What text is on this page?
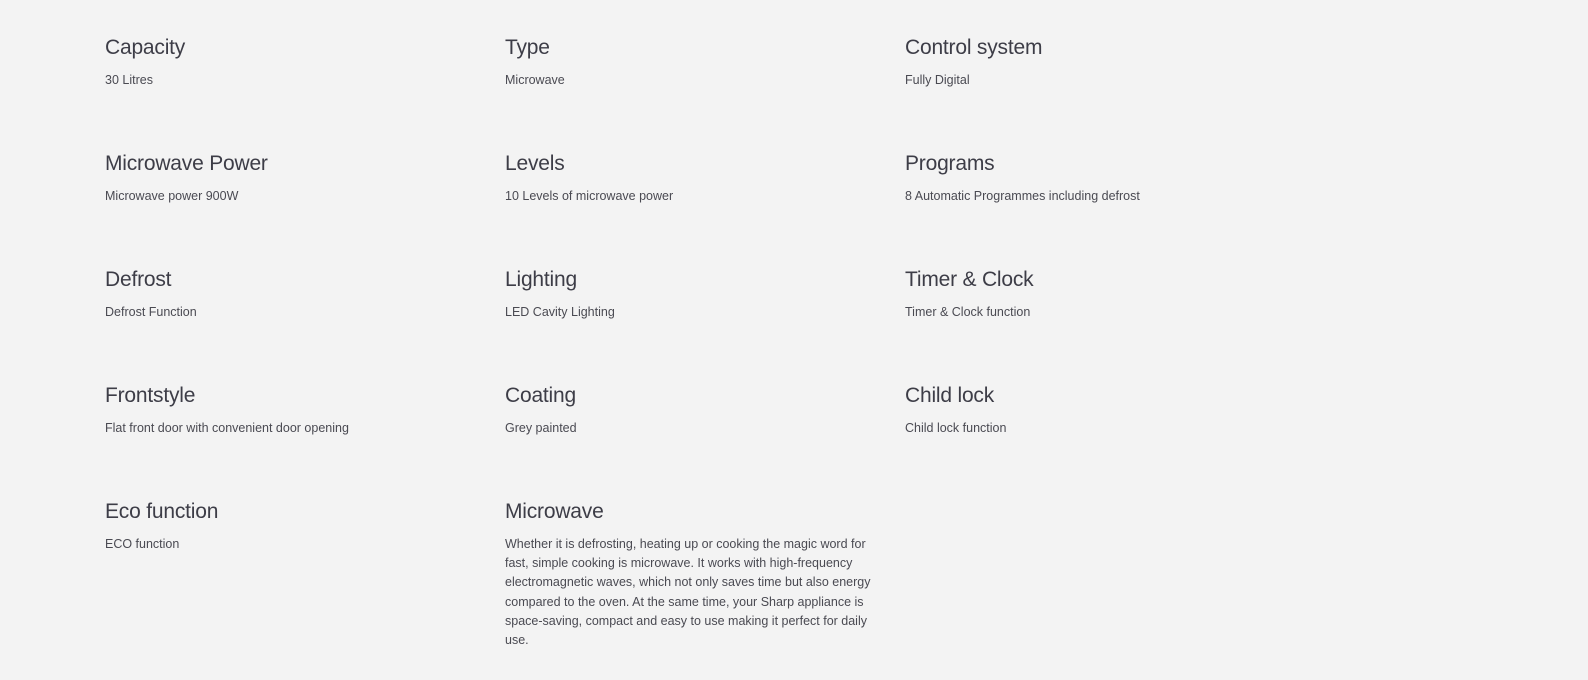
Capacity

30 Litres

Type

Microwave

Control system

Fully Digital

Microwave Power

Microwave power 900W

Levels

10 Levels of microwave power

Programs

8 Automatic Programmes including defrost

Defrost

Defrost Function

Lighting

LED Cavity Lighting

Timer & Clock

Timer & Clock function

Frontstyle

Flat front door with convenient door opening

Coating

Grey painted

Child lock

Child lock function

Eco function

ECO function

Microwave

Whether it is defrosting, heating up or cooking the magic word for fast, simple cooking is microwave. It works with high-frequency electromagnetic waves, which not only saves time but also energy compared to the oven. At the same time, your Sharp appliance is space-saving, compact and easy to use making it perfect for daily use.
